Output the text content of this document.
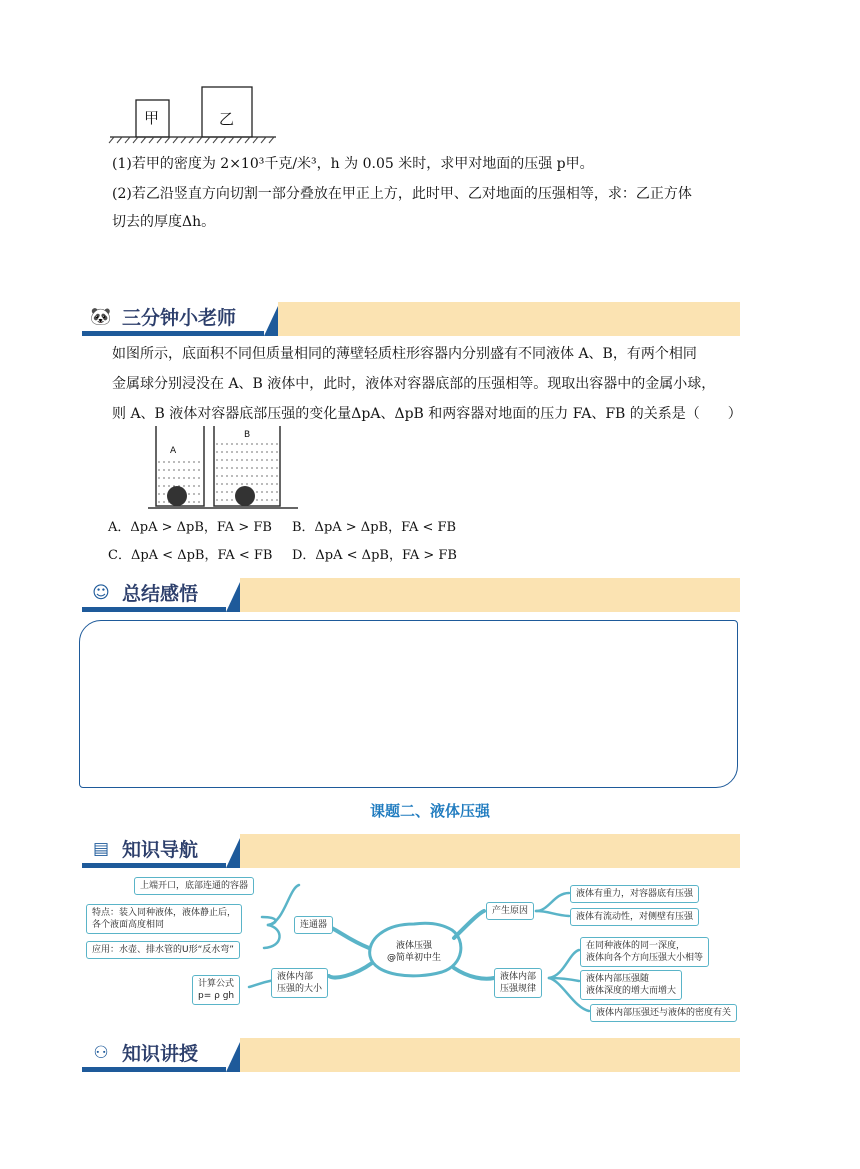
甲	乙
(1)若甲的密度为 2×10³千克/米³，h 为 0.05 米时，求甲对地面的压强 p甲。
(2)若乙沿竖直方向切割一部分叠放在甲正上方，此时甲、乙对地面的压强相等，求：乙正方体
切去的厚度Δh。
🐼 三分钟小老师
如图所示，底面积不同但质量相同的薄壁轻质柱形容器内分别盛有不同液体 A、B，有两个相同
金属球分别浸没在 A、B 液体中，此时，液体对容器底部的压强相等。现取出容器中的金属小球，
则 A、B 液体对容器底部压强的变化量ΔpA、ΔpB 和两容器对地面的压力 FA、FB 的关系是（　　）
A
B
A．ΔpA > ΔpB，FA > FB B．ΔpA > ΔpB，FA < FB
C．ΔpA < ΔpB，FA < FB D．ΔpA < ΔpB，FA > FB
☺ 总结感悟
课题二、液体压强
▤ 知识导航
液体压强
@简单初中生
连通器
上端开口，底部连通的容器
特点：装入同种液体，液体静止后，
各个液面高度相同
应用：水壶、排水管的U形“反水弯”
液体内部
压强的大小
计算公式
p= ρ gh
产生原因
液体有重力，对容器底有压强
液体有流动性，对侧壁有压强
液体内部
压强规律
在同种液体的同一深度，
液体向各个方向压强大小相等
液体内部压强随
液体深度的增大而增大
液体内部压强还与液体的密度有关
⚇ 知识讲授
